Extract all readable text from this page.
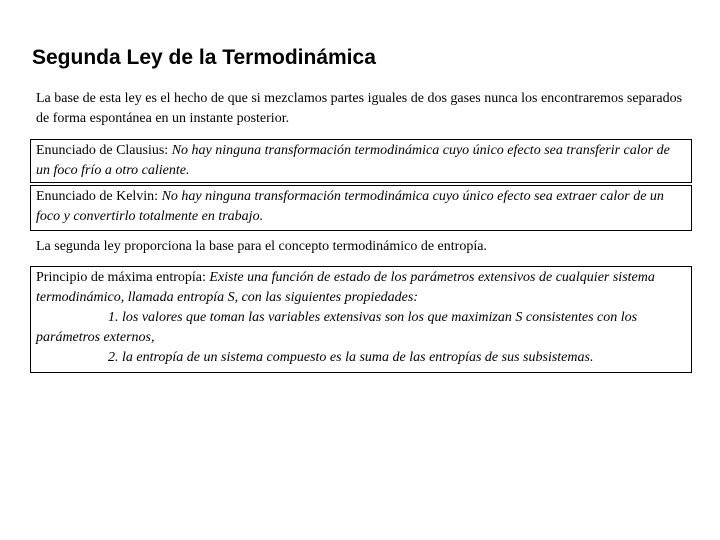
Segunda Ley de la Termodinámica

La base de esta ley es el hecho de que si mezclamos partes iguales de dos gases nunca los encontraremos separados de forma espontánea en un instante posterior.

Enunciado de Clausius: No hay ninguna transformación termodinámica cuyo único efecto sea transferir calor de un foco frío a otro caliente.
Enunciado de Kelvin: No hay ninguna transformación termodinámica cuyo único efecto sea extraer calor de un foco y convertirlo totalmente en trabajo.

La segunda ley proporciona la base para el concepto termodinámico de entropía.

Principio de máxima entropía: Existe una función de estado de los parámetros extensivos de cualquier sistema termodinámico, llamada entropía S, con las siguientes propiedades:
1. los valores que toman las variables extensivas son los que maximizan S consistentes con los parámetros externos,
2. la entropía de un sistema compuesto es la suma de las entropías de sus subsistemas.
